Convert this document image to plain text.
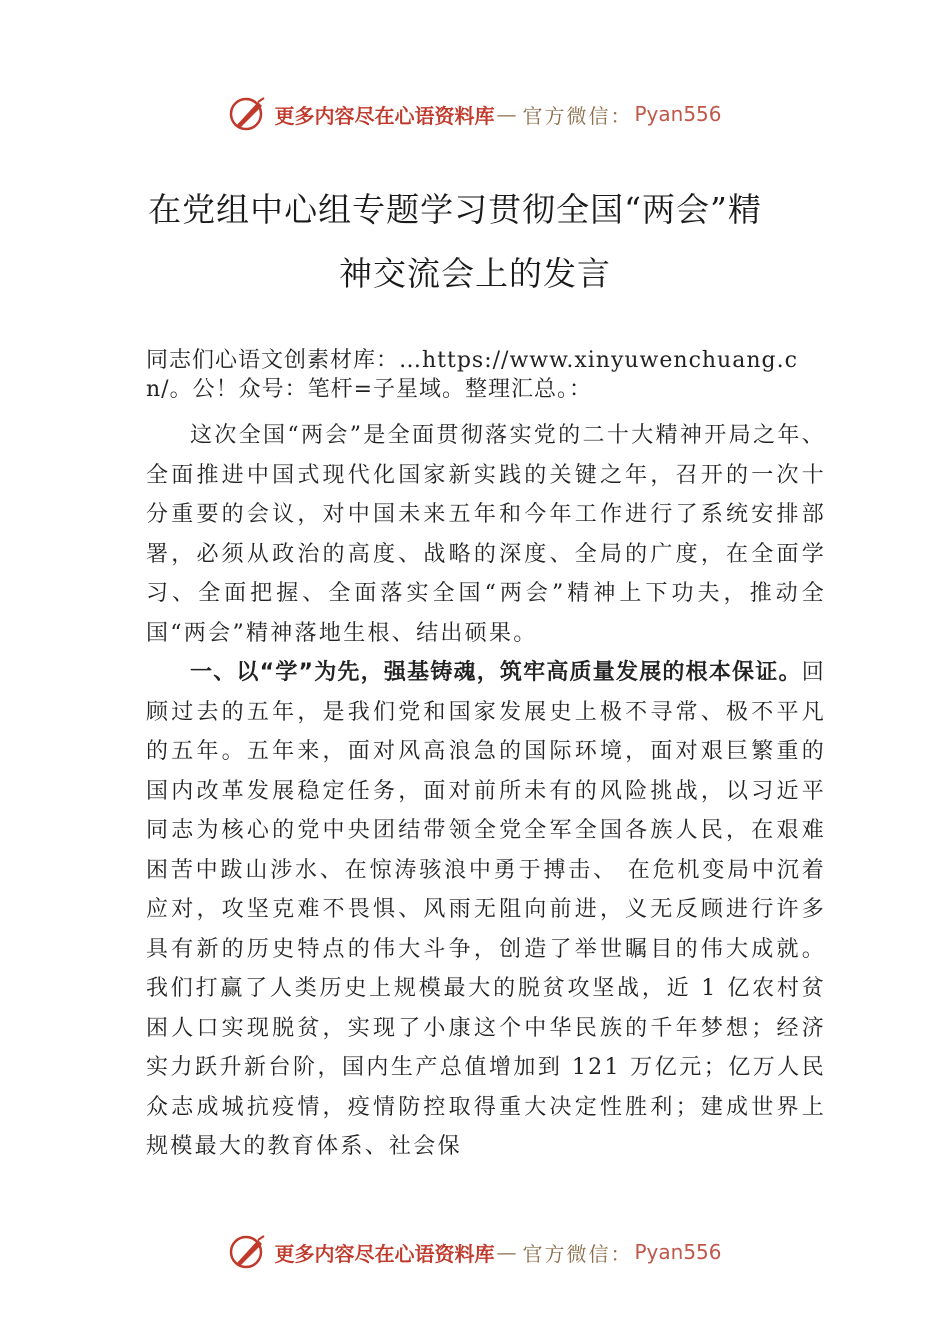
更多内容尽在心语资料库 — 官方微信： Pyan556
在党组中心组专题学习贯彻全国“两会”精
神交流会上的发言

同志们心语文创素材库：…https://www.xinyuwenchuang.cn/。公！众号：笔杆=子星域。整理汇总。：

这次全国“两会”是全面贯彻落实党的二十大精神开局之年、全面推进中国式现代化国家新实践的关键之年，召开的一次十分重要的会议，对中国未来五年和今年工作进行了系统安排部署，必须从政治的高度、战略的深度、全局的广度，在全面学习、全面把握、全面落实全国“两会”精神上下功夫，推动全国“两会”精神落地生根、结出硕果。

一、以“学”为先，强基铸魂，筑牢高质量发展的根本保证。回顾过去的五年，是我们党和国家发展史上极不寻常、极不平凡的五年。五年来，面对风高浪急的国际环境，面对艰巨繁重的国内改革发展稳定任务，面对前所未有的风险挑战，以习近平同志为核心的党中央团结带领全党全军全国各族人民，在艰难困苦中跋山涉水、在惊涛骇浪中勇于搏击、 在危机变局中沉着应对，攻坚克难不畏惧、风雨无阻向前进，义无反顾进行许多具有新的历史特点的伟大斗争，创造了举世瞩目的伟大成就。我们打赢了人类历史上规模最大的脱贫攻坚战，近 1 亿农村贫困人口实现脱贫，实现了小康这个中华民族的千年梦想；经济实力跃升新台阶，国内生产总值增加到 121 万亿元；亿万人民众志成城抗疫情，疫情防控取得重大决定性胜利；建成世界上规模最大的教育体系、社会保

更多内容尽在心语资料库 — 官方微信： Pyan556
